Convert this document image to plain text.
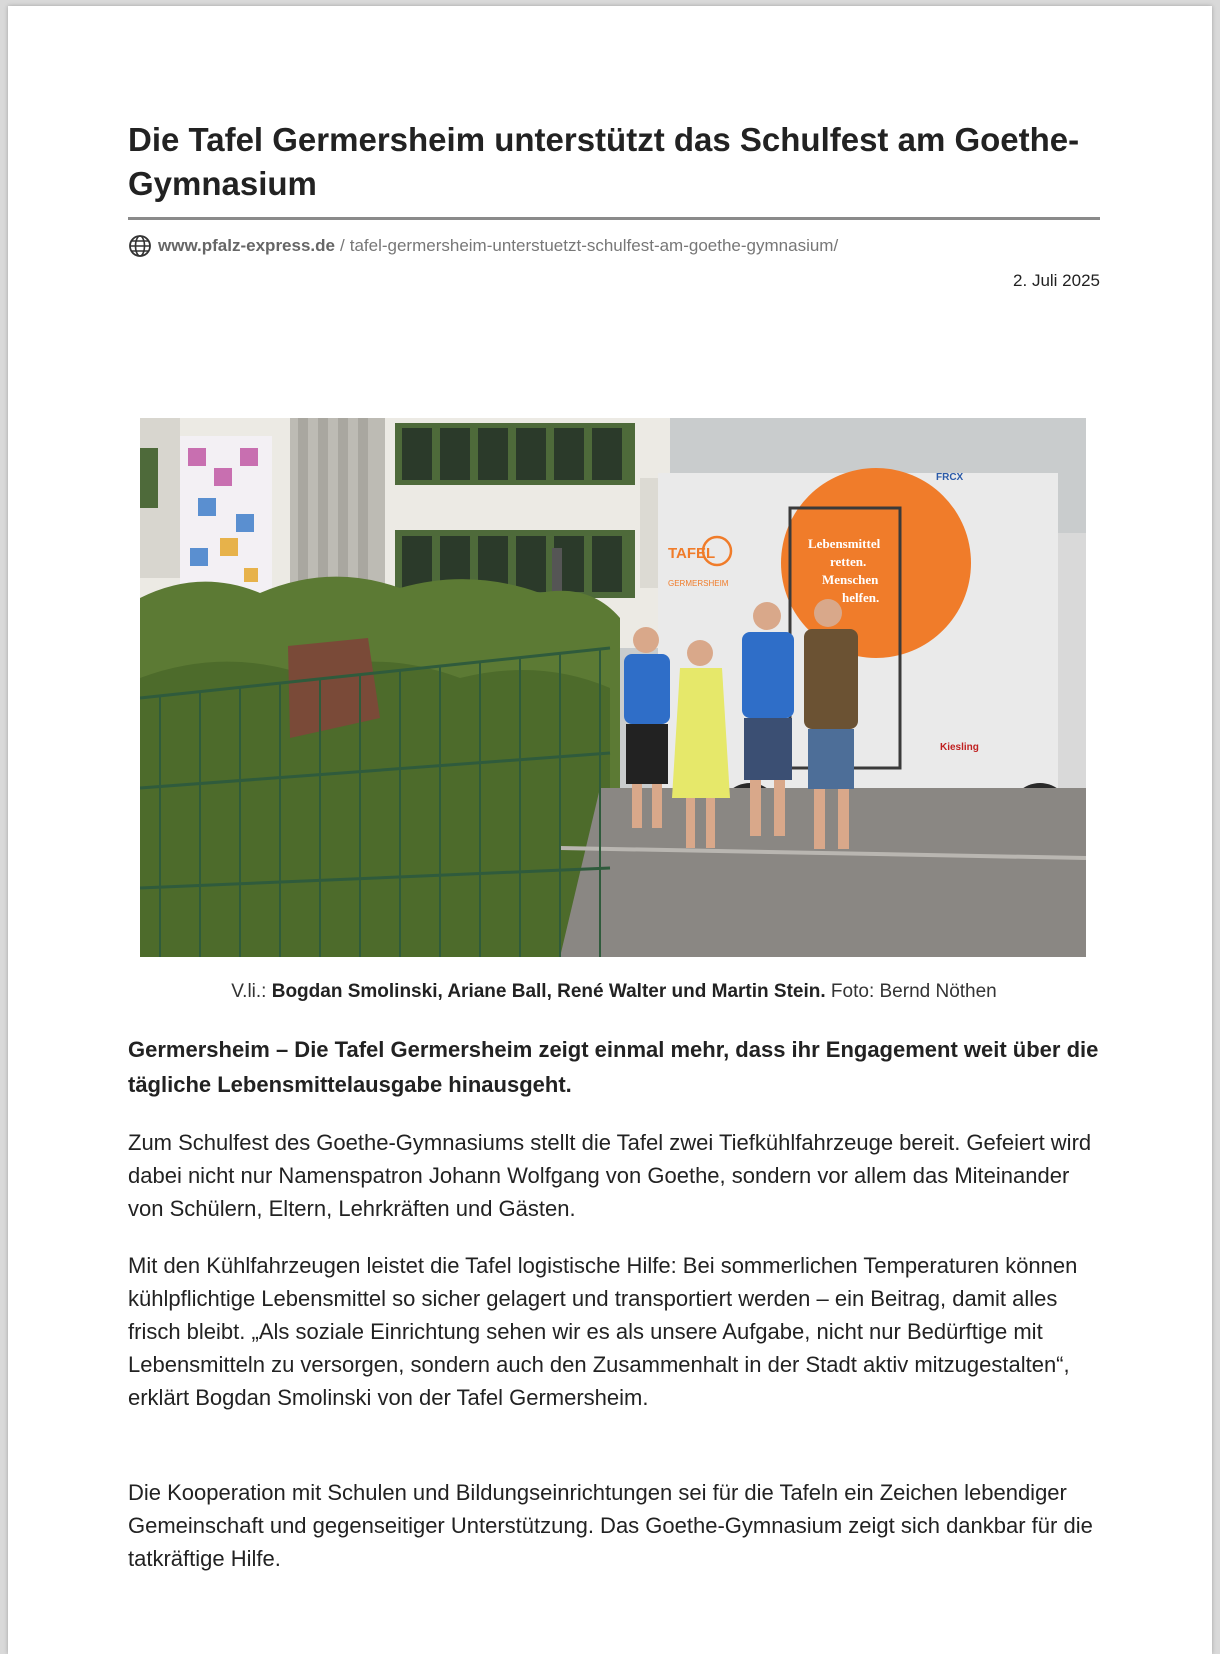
Die Tafel Germersheim unterstützt das Schulfest am Goethe-Gymnasium
www.pfalz-express.de / tafel-germersheim-unterstuetzt-schulfest-am-goethe-gymnasium/
2. Juli 2025
Lebensmittel
retten.
Menschen
helfen.
TAFEL
GERMERSHEIM
FRCX
Kiesling
V.li.: Bogdan Smolinski, Ariane Ball, René Walter und Martin Stein. Foto: Bernd Nöthen

Germersheim – Die Tafel Germersheim zeigt einmal mehr, dass ihr Engagement weit über die tägliche Lebensmittelausgabe hinausgeht.

Zum Schulfest des Goethe-Gymnasiums stellt die Tafel zwei Tiefkühlfahrzeuge bereit. Gefeiert wird dabei nicht nur Namenspatron Johann Wolfgang von Goethe, sondern vor allem das Miteinander von Schülern, Eltern, Lehrkräften und Gästen.

Mit den Kühlfahrzeugen leistet die Tafel logistische Hilfe: Bei sommerlichen Temperaturen können kühlpflichtige Lebensmittel so sicher gelagert und transportiert werden – ein Beitrag, damit alles frisch bleibt. „Als soziale Einrichtung sehen wir es als unsere Aufgabe, nicht nur Bedürftige mit Lebensmitteln zu versorgen, sondern auch den Zusammenhalt in der Stadt aktiv mitzugestalten“, erklärt Bogdan Smolinski von der Tafel Germersheim.

Die Kooperation mit Schulen und Bildungseinrichtungen sei für die Tafeln ein Zeichen lebendiger Gemeinschaft und gegenseitiger Unterstützung. Das Goethe-Gymnasium zeigt sich dankbar für die tatkräftige Hilfe.
